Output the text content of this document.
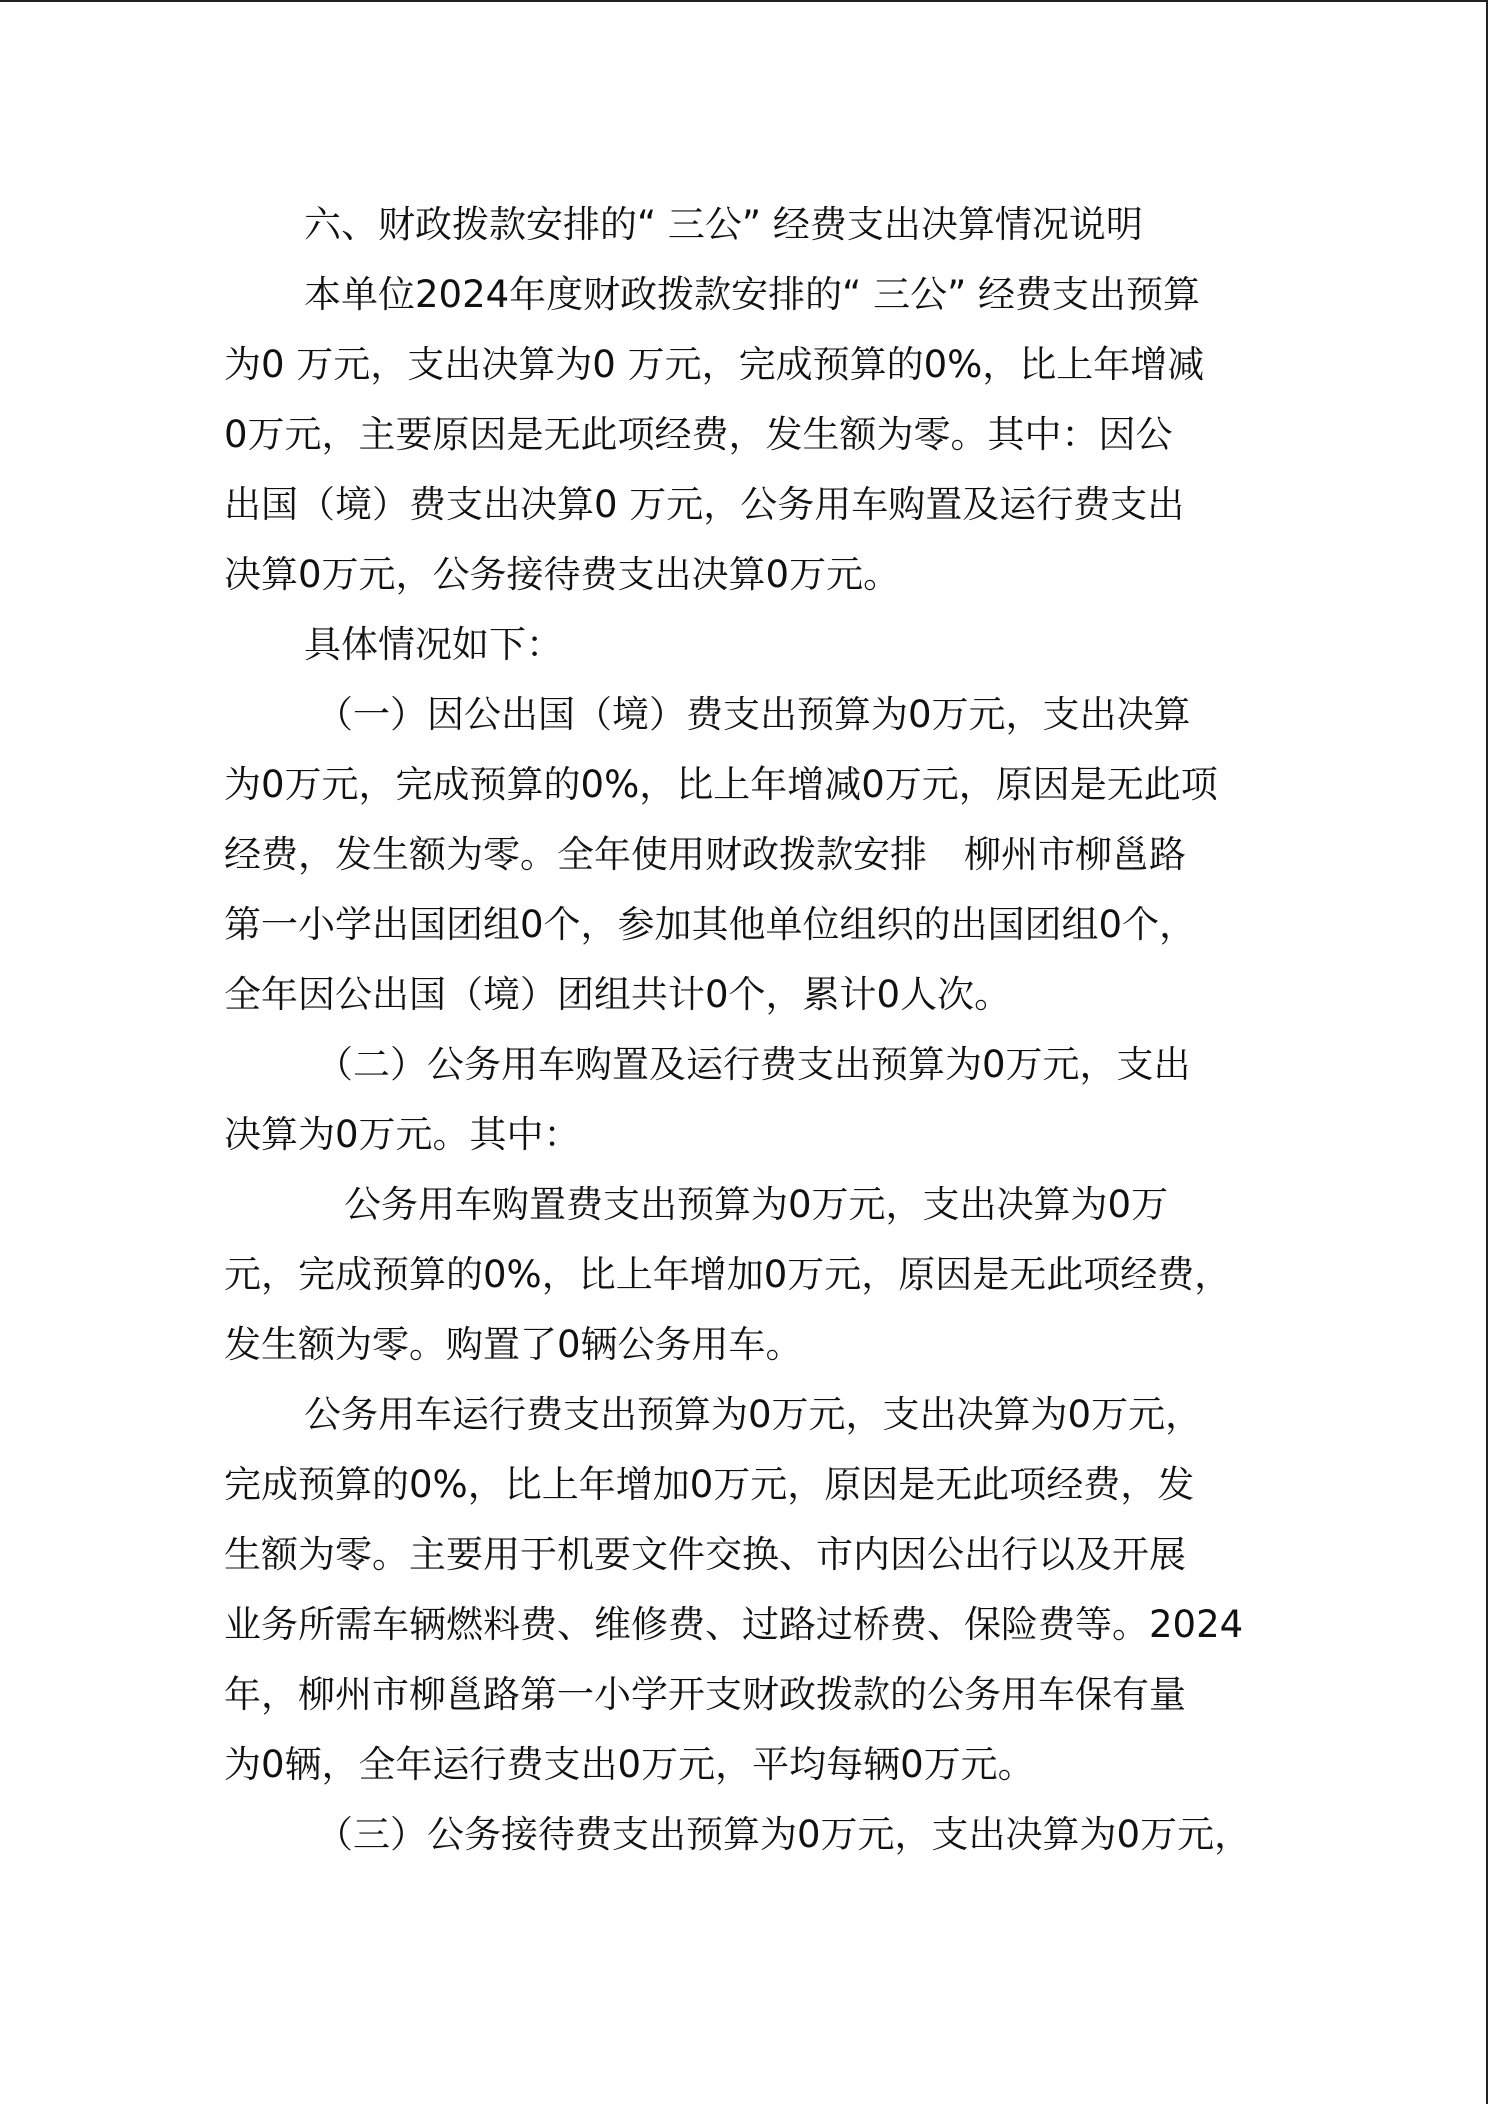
六、财政拨款安排的“ 三公” 经费支出决算情况说明
本单位2024年度财政拨款安排的“ 三公” 经费支出预算
为0 万元，支出决算为0 万元，完成预算的0%，比上年增减
0万元，主要原因是无此项经费，发生额为零。其中：因公
出国（境）费支出决算0 万元，公务用车购置及运行费支出
决算0万元，公务接待费支出决算0万元。
具体情况如下：
（一）因公出国（境）费支出预算为0万元，支出决算
为0万元，完成预算的0%，比上年增减0万元，原因是无此项
经费，发生额为零。全年使用财政拨款安排　柳州市柳邕路
第一小学出国团组0个，参加其他单位组织的出国团组0个，
全年因公出国（境）团组共计0个，累计0人次。
（二）公务用车购置及运行费支出预算为0万元，支出
决算为0万元。其中：
公务用车购置费支出预算为0万元，支出决算为0万
元，完成预算的0%，比上年增加0万元，原因是无此项经费，
发生额为零。购置了0辆公务用车。
公务用车运行费支出预算为0万元，支出决算为0万元，
完成预算的0%，比上年增加0万元，原因是无此项经费，发
生额为零。主要用于机要文件交换、市内因公出行以及开展
业务所需车辆燃料费、维修费、过路过桥费、保险费等。2024
年，柳州市柳邕路第一小学开支财政拨款的公务用车保有量
为0辆，全年运行费支出0万元，平均每辆0万元。
（三）公务接待费支出预算为0万元，支出决算为0万元，
